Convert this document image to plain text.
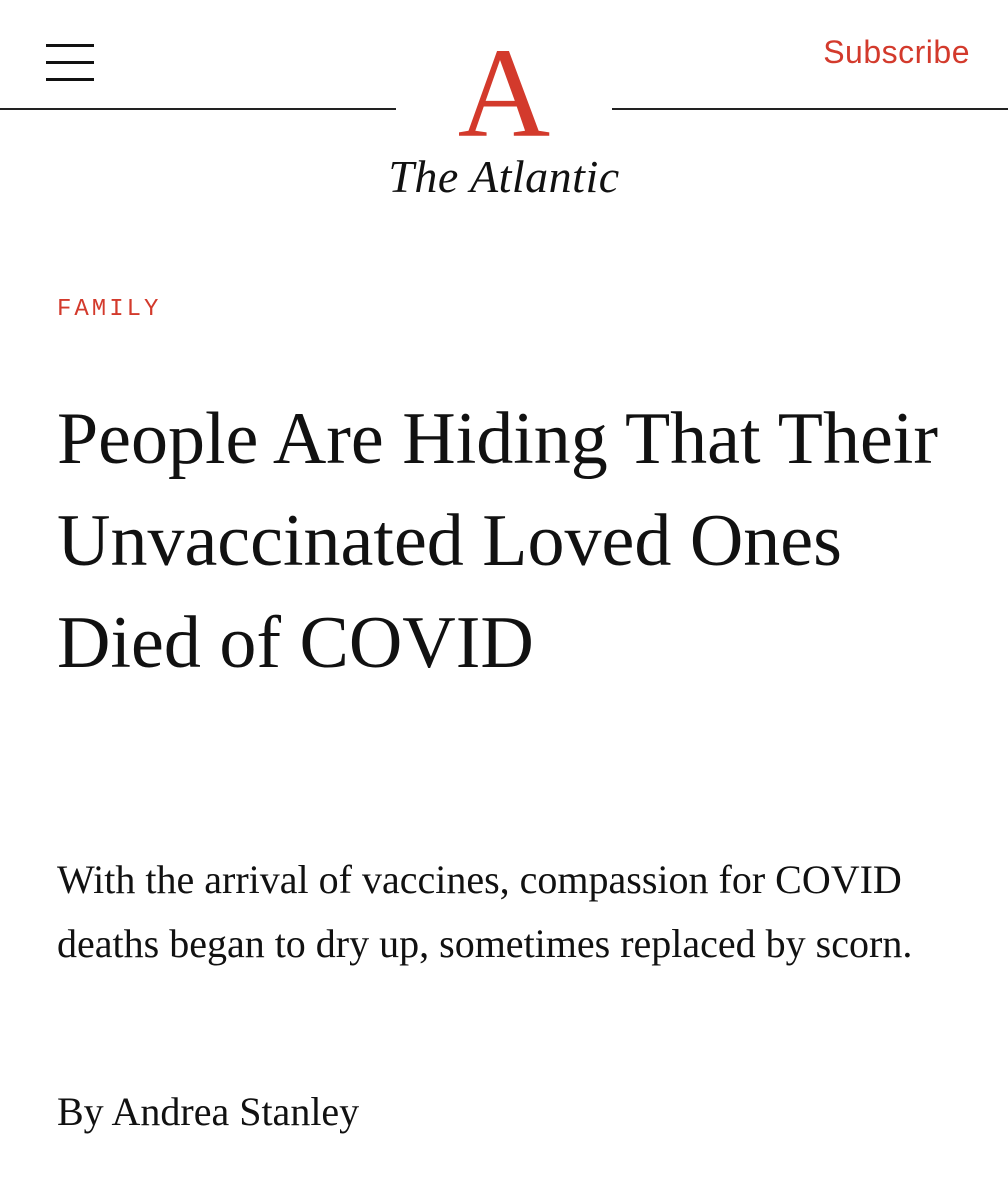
A
The Atlantic
Subscribe
FAMILY
People Are Hiding That Their Unvaccinated Loved Ones Died of COVID

With the arrival of vaccines, compassion for COVID deaths began to dry up, sometimes replaced by scorn.

By Andrea Stanley
